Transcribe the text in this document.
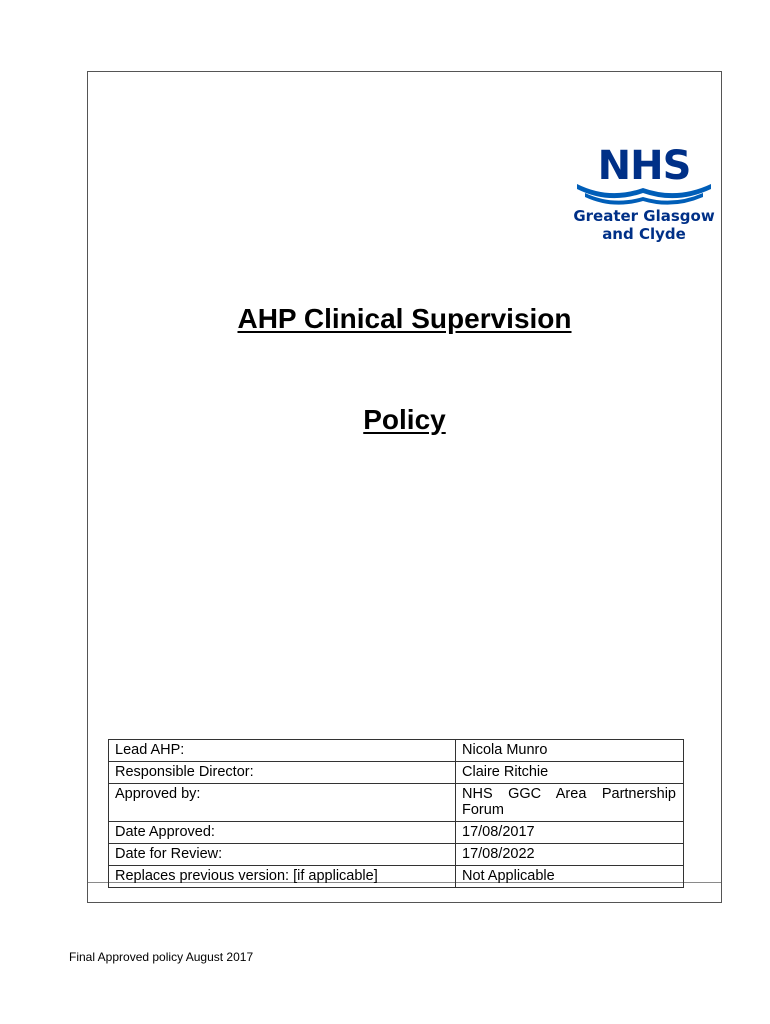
NHS
Greater Glasgow
and Clyde
AHP Clinical Supervision
Policy
Lead AHP:	Nicola Munro
Responsible Director:	Claire Ritchie
Approved by:	NHS GGC Area Partnership Forum
Date Approved:	17/08/2017
Date for Review:	17/08/2022
Replaces previous version: [if applicable]	Not Applicable
Final Approved policy August 2017
